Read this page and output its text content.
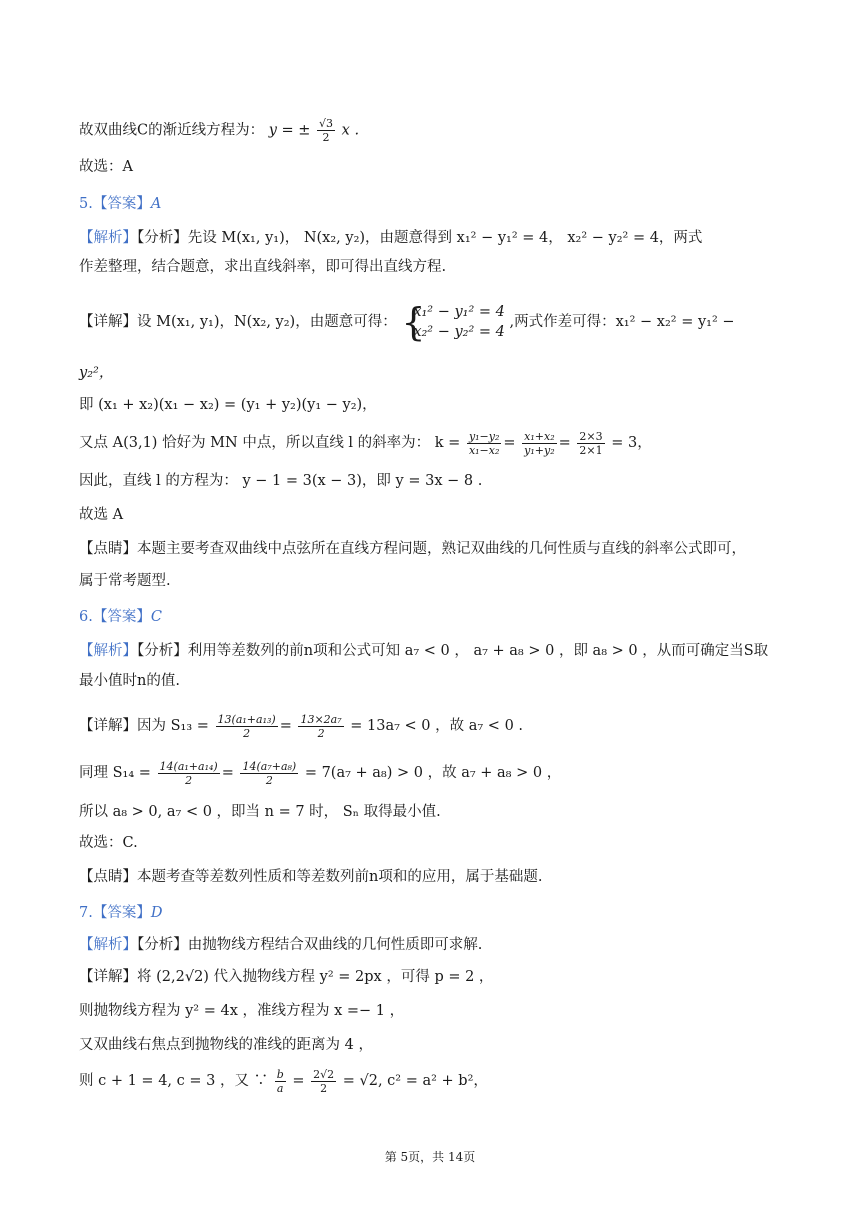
故双曲线C的渐近线方程为： y = ± $\frac{√3}{2}$ x .
故选：A
5.【答案】A
【解析】【分析】先设 M(x₁, y₁)， N(x₂, y₂)，由题意得到 x₁² − y₁² = 4， x₂² − y₂² = 4，两式
作差整理，结合题意，求出直线斜率，即可得出直线方程.
【详解】设 M(x₁, y₁)，N(x₂, y₂)，由题意可得： {
x₁² − y₁² = 4
x₂² − y₂² = 4
,两式作差可得：x₁² − x₂² = y₁² −
y₂²，
即 (x₁ + x₂)(x₁ − x₂) = (y₁ + y₂)(y₁ − y₂)，
又点 A(3,1) 恰好为 MN 中点，所以直线 l 的斜率为： $k = \frac{\text{y₁−y₂}}{\text{x₁−x₂}} = \frac{\text{x₁+x₂}}{\text{y₁+y₂}} = \frac{2\times 3}{2\times 1} = 3$，
因此，直线 l 的方程为： y − 1 = 3(x − 3)，即 y = 3x − 8 .
故选 A
【点睛】本题主要考查双曲线中点弦所在直线方程问题，熟记双曲线的几何性质与直线的斜率公式即可，
属于常考题型.
6.【答案】C
【解析】【分析】利用等差数列的前n项和公式可知 a₇ < 0 ， a₇ + a₈ > 0 ，即 a₈ > 0 ，从而可确定当S取
最小值时n的值.
【详解】因为 $S_{13} = \frac{\text{13(a₁+a₁₃)}}{2} = \frac{\text{13×2a₇}}{2} = 13a_7 < 0$ ，故 a₇ < 0 .
同理 $S_{14} = \frac{\text{14(a₁+a₁₄)}}{2} = \frac{\text{14(a₇+a₈)}}{2} = 7(a_7 + a_8) > 0$ ，故 a₇ + a₈ > 0 ，
所以 a₈ > 0, a₇ < 0 ，即当 n = 7 时， Sₙ 取得最小值.
故选：C.
【点睛】本题考查等差数列性质和等差数列前n项和的应用，属于基础题.
7.【答案】D
【解析】【分析】由抛物线方程结合双曲线的几何性质即可求解.
【详解】将 (2,2√2) 代入抛物线方程 y² = 2px ，可得 p = 2 ，
则抛物线方程为 y² = 4x ，准线方程为 x =− 1 ，
又双曲线右焦点到抛物线的准线的距离为 4 ，
则 c + 1 = 4, c = 3 ，又 ∵ $\frac{b}{a} = \frac{2√2}{2} = √2$, c² = a² + b²，
第 5页，共 14页
